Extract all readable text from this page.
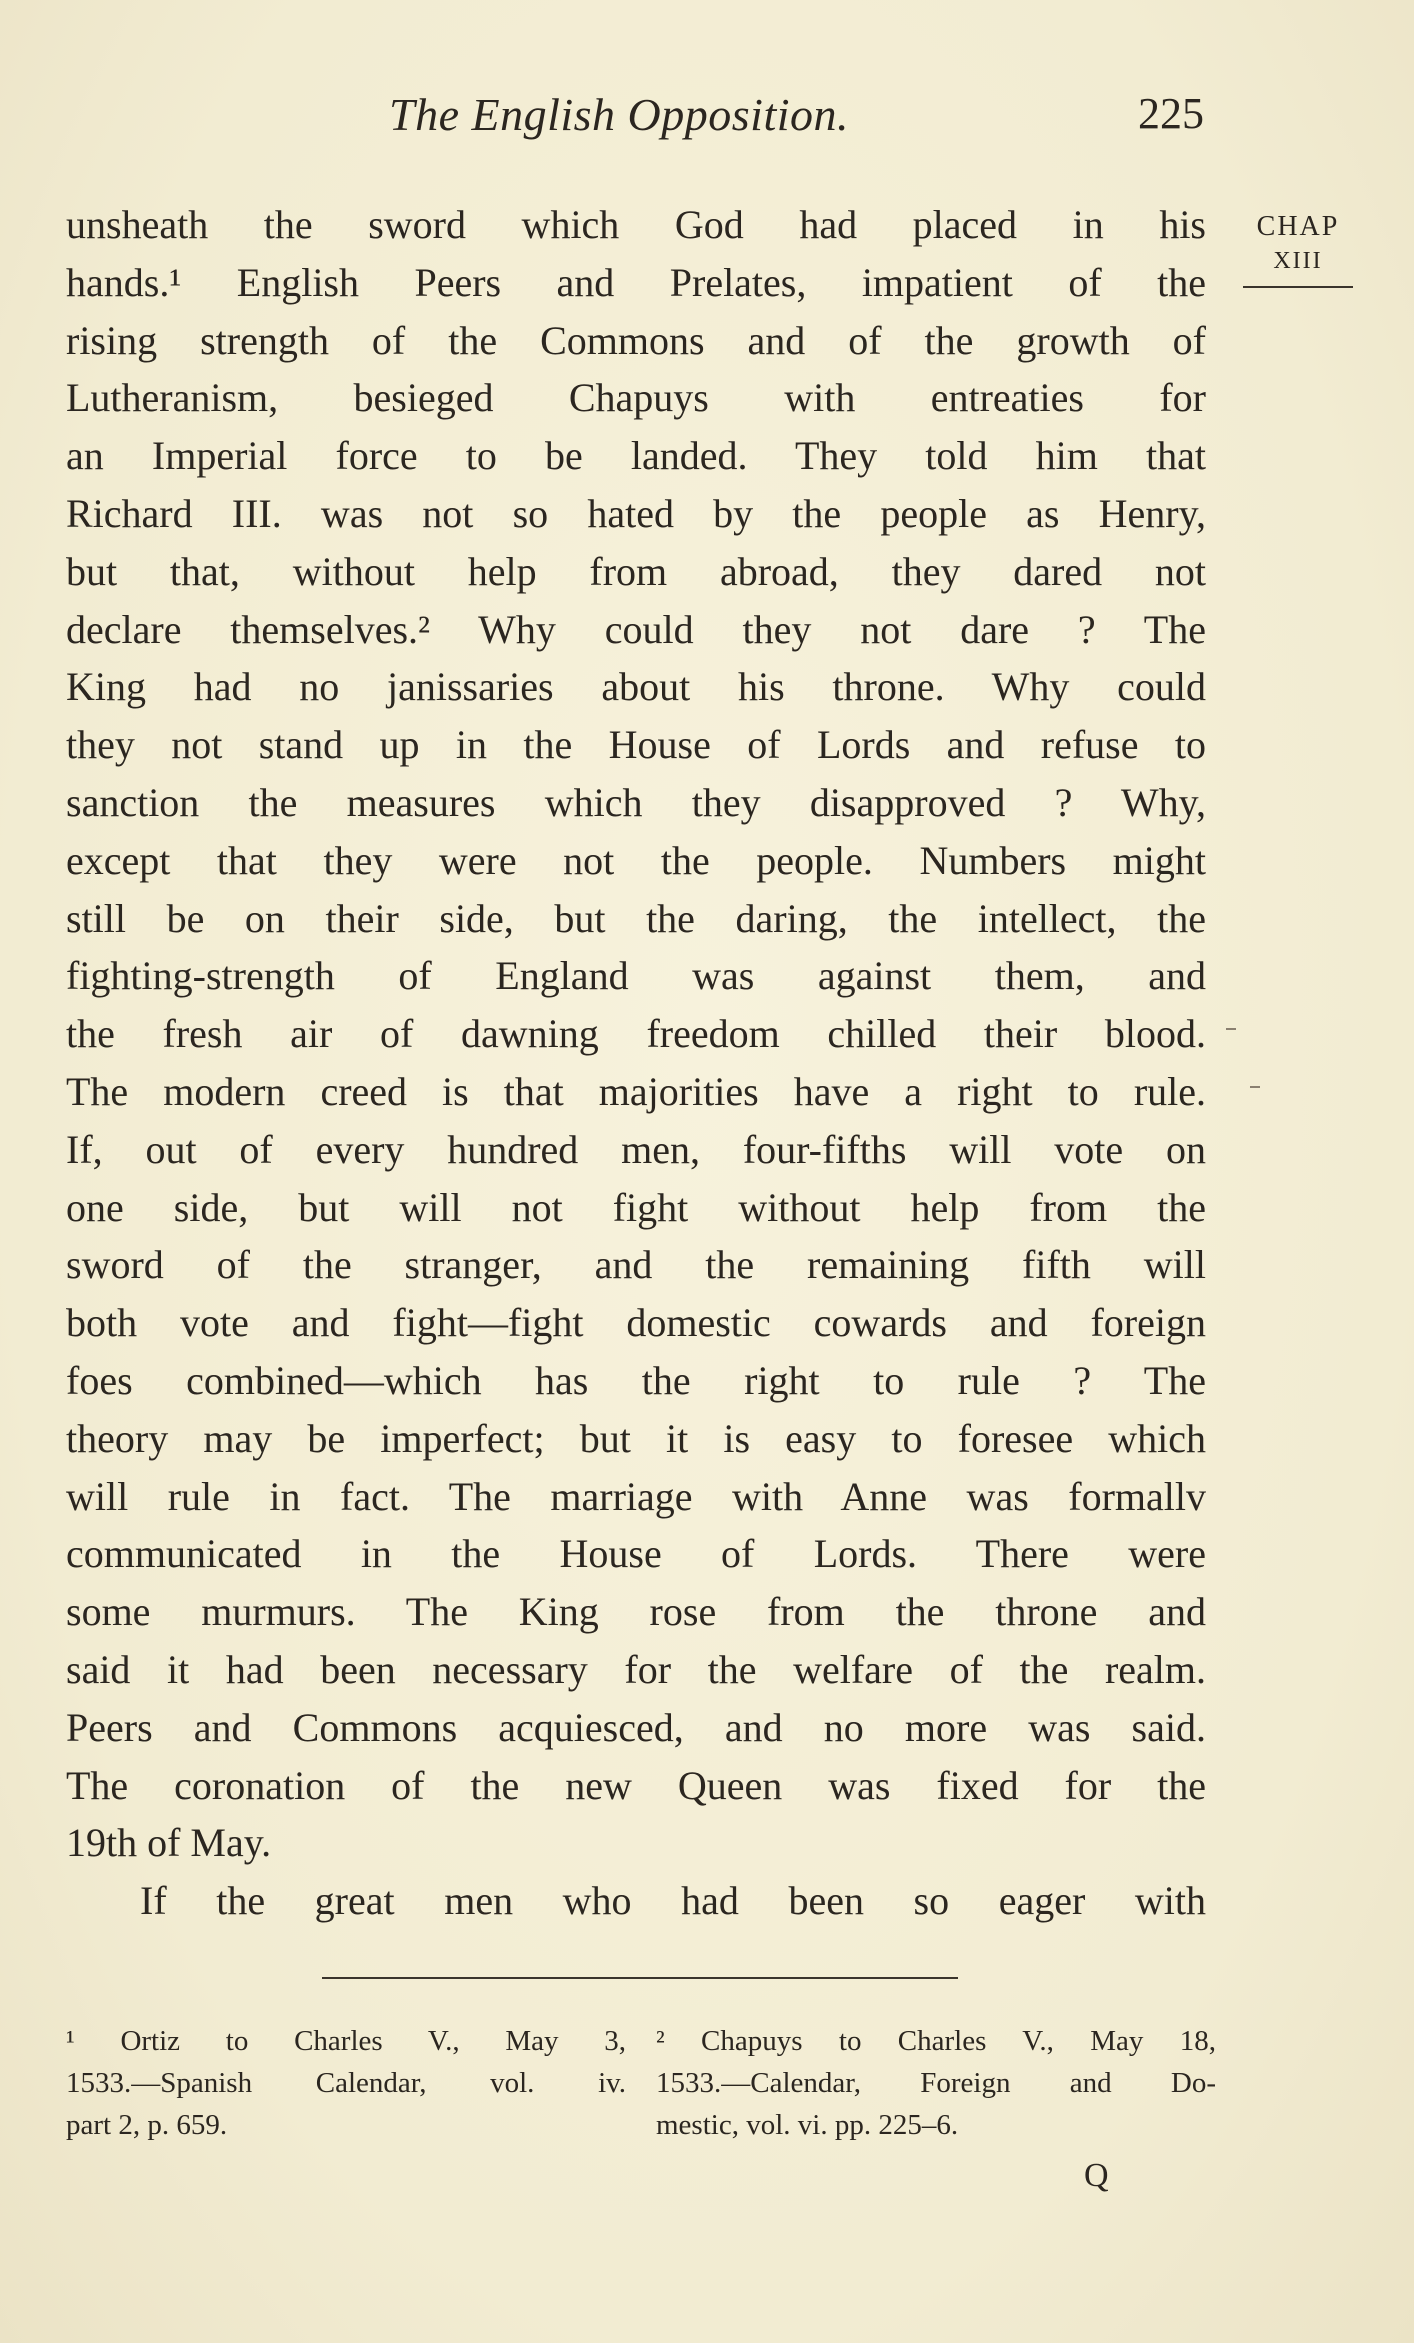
The English Opposition.	225
CHAP
XIII
unsheath the sword which God had placed in his
hands.¹ English Peers and Prelates, impatient of the
rising strength of the Commons and of the growth of
Lutheranism, besieged Chapuys with entreaties for
an Imperial force to be landed. They told him that
Richard III. was not so hated by the people as Henry,
but that, without help from abroad, they dared not
declare themselves.² Why could they not dare ? The
King had no janissaries about his throne. Why could
they not stand up in the House of Lords and refuse to
sanction the measures which they disapproved ? Why,
except that they were not the people. Numbers might
still be on their side, but the daring, the intellect, the
fighting-strength of England was against them, and
the fresh air of dawning freedom chilled their blood.
The modern creed is that majorities have a right to rule.
If, out of every hundred men, four-fifths will vote on
one side, but will not fight without help from the
sword of the stranger, and the remaining fifth will
both vote and fight—fight domestic cowards and foreign
foes combined—which has the right to rule ? The
theory may be imperfect; but it is easy to foresee which
will rule in fact. The marriage with Anne was formallv
communicated in the House of Lords. There were
some murmurs. The King rose from the throne and
said it had been necessary for the welfare of the realm.
Peers and Commons acquiesced, and no more was said.
The coronation of the new Queen was fixed for the
19th of May.
If the great men who had been so eager with
¹ Ortiz to Charles V., May 3,
1533.—Spanish Calendar, vol. iv.
part 2, p. 659.
² Chapuys to Charles V., May 18,
1533.—Calendar, Foreign and Do-
mestic, vol. vi. pp. 225–6.
Q
